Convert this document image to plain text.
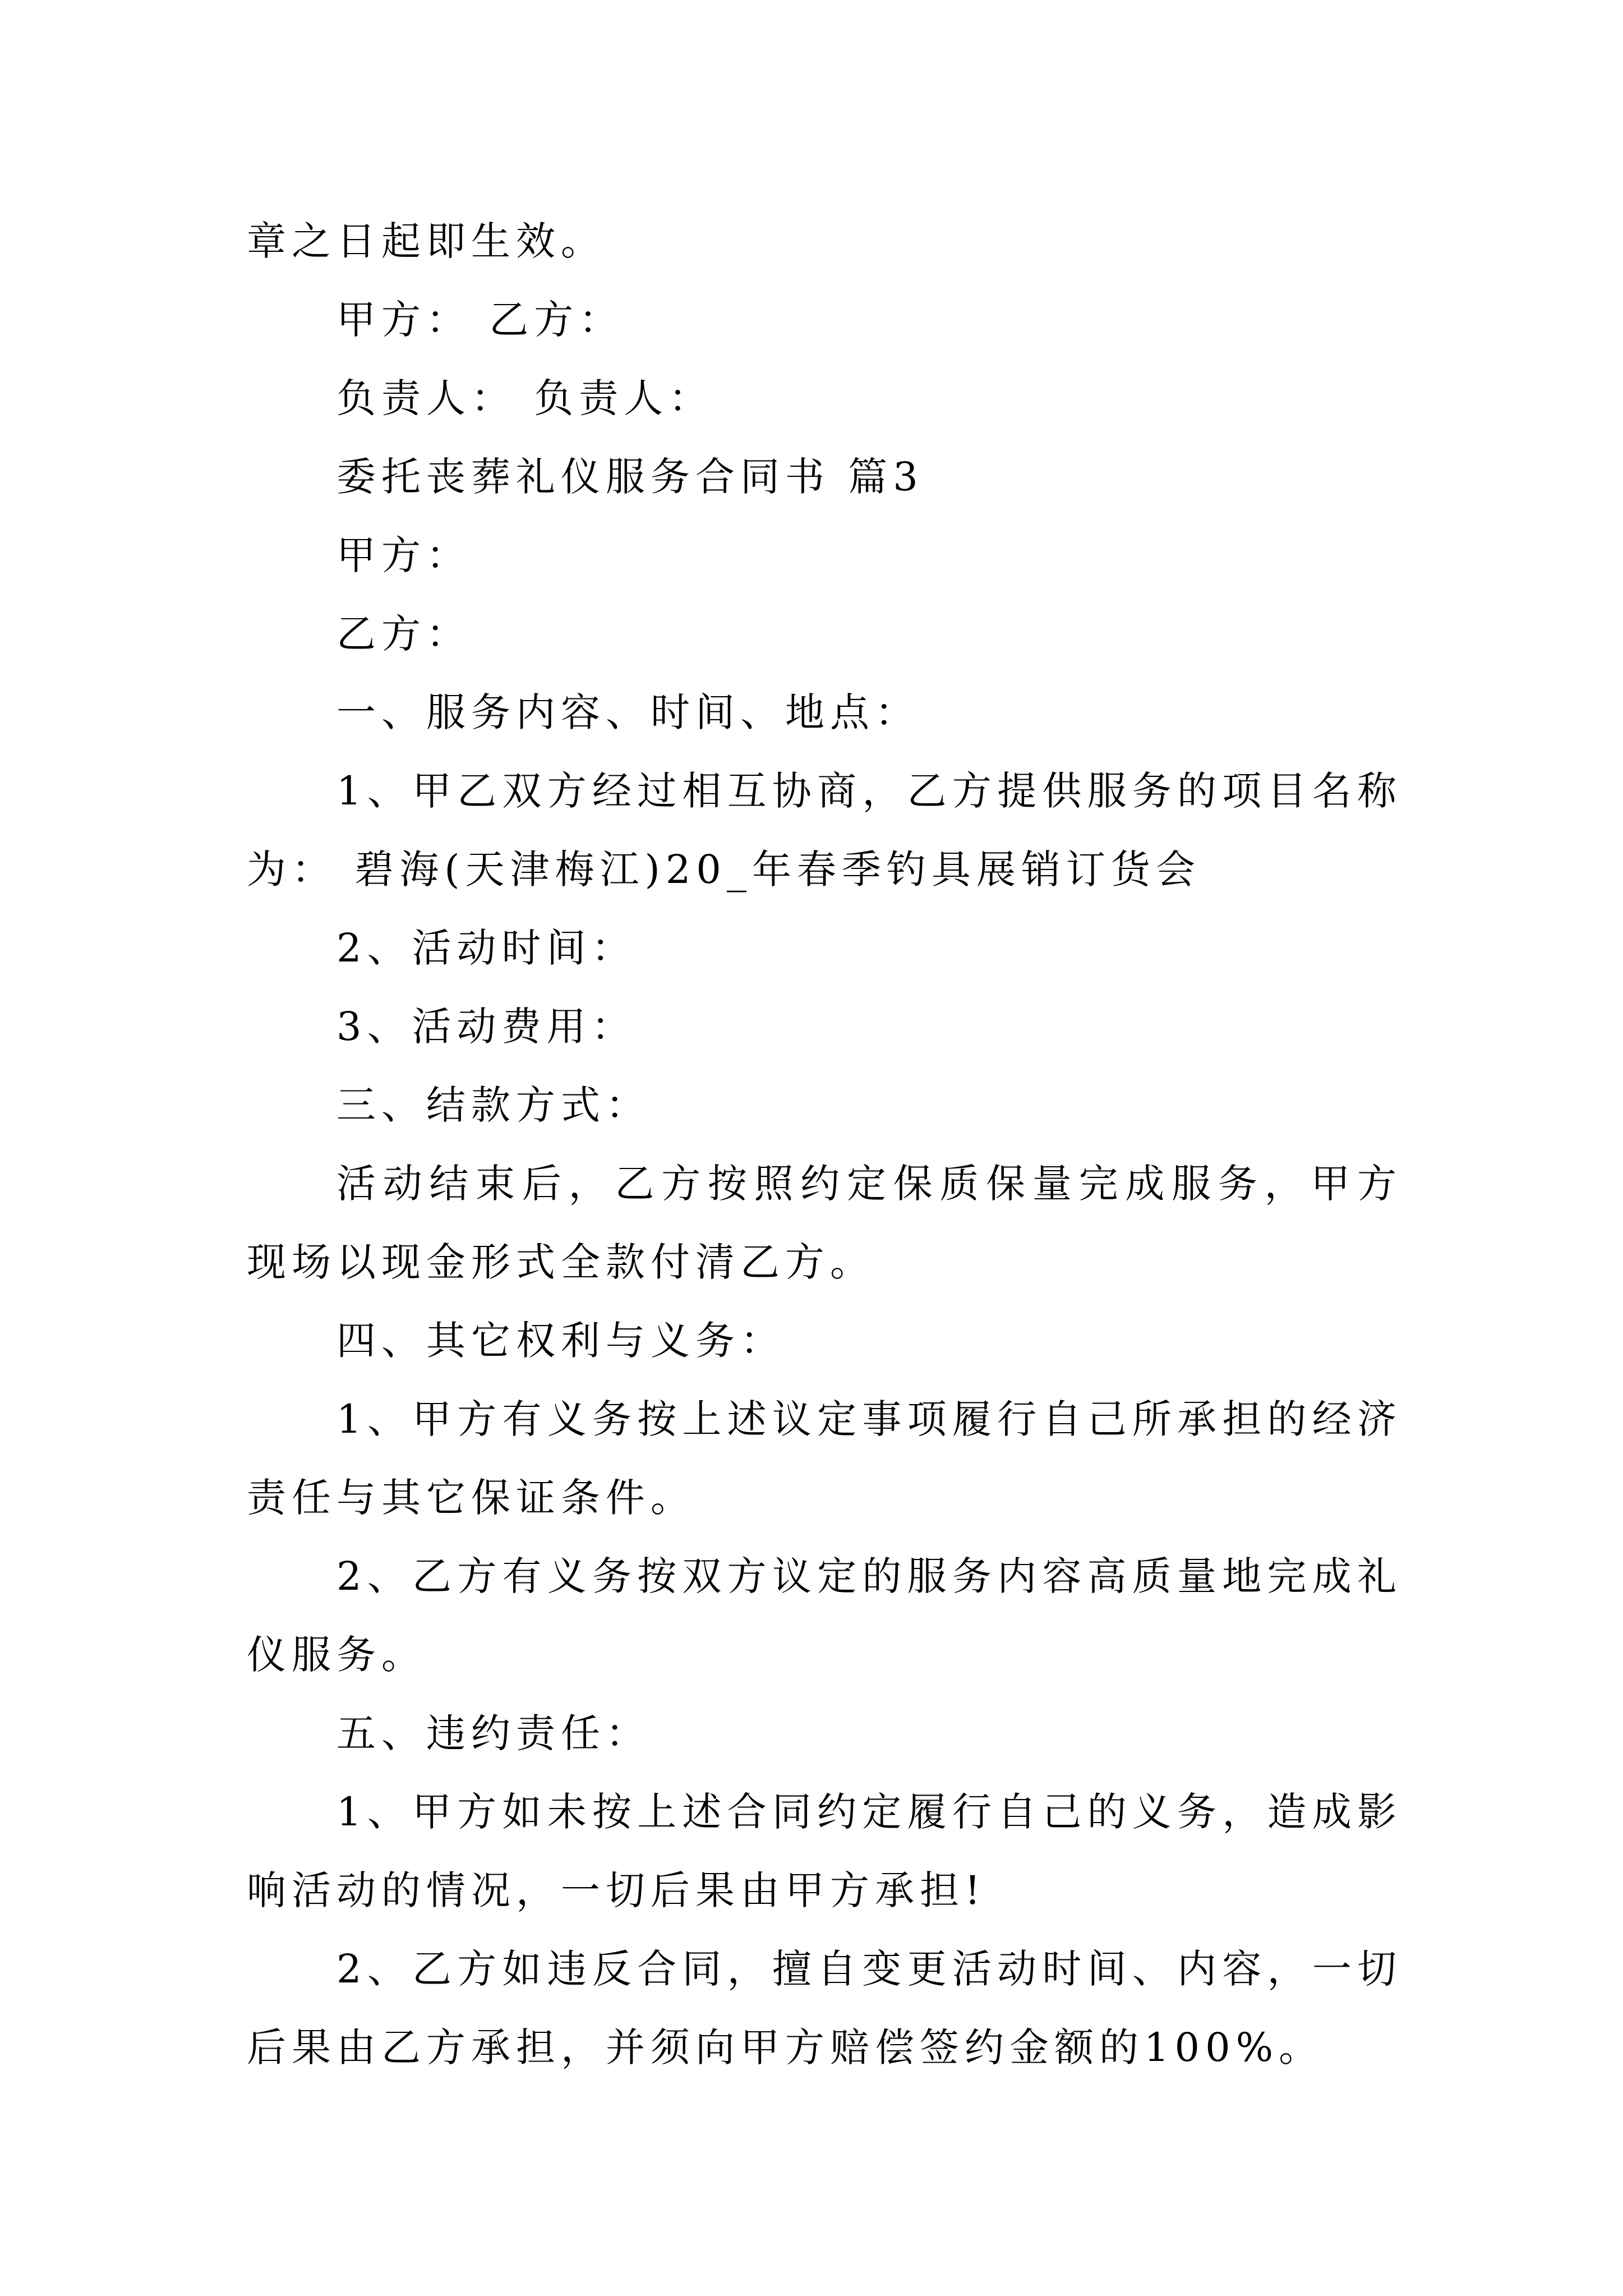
章之日起即生效。

甲方： 乙方：

负责人： 负责人：

委托丧葬礼仪服务合同书 篇3

甲方：

乙方：

一、服务内容、时间、地点：

1、甲乙双方经过相互协商，乙方提供服务的项目名称为： 碧海(天津梅江)20_年春季钓具展销订货会

2、活动时间：

3、活动费用：

三、结款方式：

活动结束后，乙方按照约定保质保量完成服务，甲方现场以现金形式全款付清乙方。

四、其它权利与义务：

1、甲方有义务按上述议定事项履行自己所承担的经济责任与其它保证条件。

2、乙方有义务按双方议定的服务内容高质量地完成礼仪服务。

五、违约责任：

1、甲方如未按上述合同约定履行自己的义务，造成影响活动的情况，一切后果由甲方承担!

2、乙方如违反合同，擅自变更活动时间、内容，一切后果由乙方承担，并须向甲方赔偿签约金额的100%。
